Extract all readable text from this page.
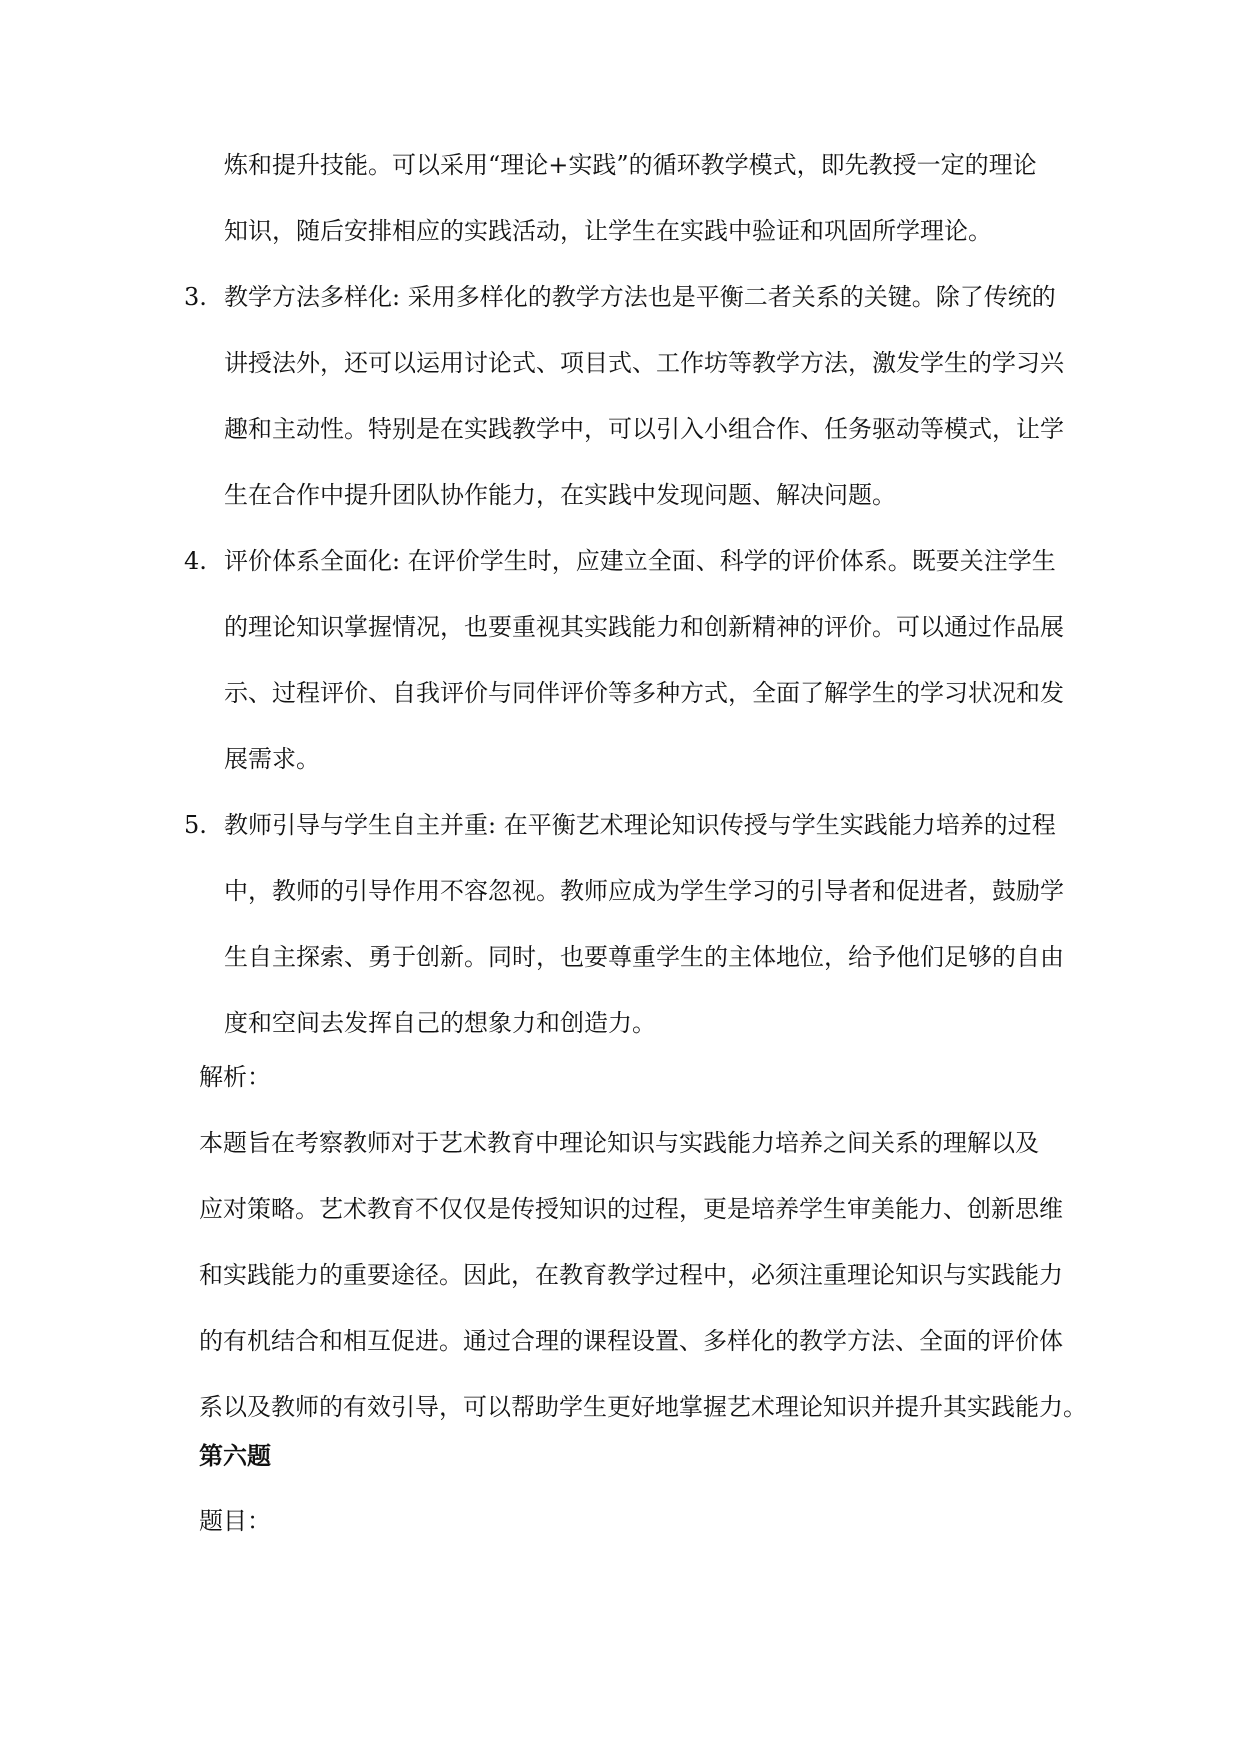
炼和提升技能。可以采用“理论+实践”的循环教学模式，即先教授一定的理论
知识，随后安排相应的实践活动，让学生在实践中验证和巩固所学理论。
3. 教学方法多样化: 采用多样化的教学方法也是平衡二者关系的关键。除了传统的
讲授法外，还可以运用讨论式、项目式、工作坊等教学方法，激发学生的学习兴
趣和主动性。特别是在实践教学中，可以引入小组合作、任务驱动等模式，让学
生在合作中提升团队协作能力，在实践中发现问题、解决问题。
4. 评价体系全面化: 在评价学生时，应建立全面、科学的评价体系。既要关注学生
的理论知识掌握情况，也要重视其实践能力和创新精神的评价。可以通过作品展
示、过程评价、自我评价与同伴评价等多种方式，全面了解学生的学习状况和发
展需求。
5. 教师引导与学生自主并重: 在平衡艺术理论知识传授与学生实践能力培养的过程
中，教师的引导作用不容忽视。教师应成为学生学习的引导者和促进者，鼓励学
生自主探索、勇于创新。同时，也要尊重学生的主体地位，给予他们足够的自由
度和空间去发挥自己的想象力和创造力。
解析：
本题旨在考察教师对于艺术教育中理论知识与实践能力培养之间关系的理解以及
应对策略。艺术教育不仅仅是传授知识的过程，更是培养学生审美能力、创新思维
和实践能力的重要途径。因此，在教育教学过程中，必须注重理论知识与实践能力
的有机结合和相互促进。通过合理的课程设置、多样化的教学方法、全面的评价体
系以及教师的有效引导，可以帮助学生更好地掌握艺术理论知识并提升其实践能力。
第六题
题目：
